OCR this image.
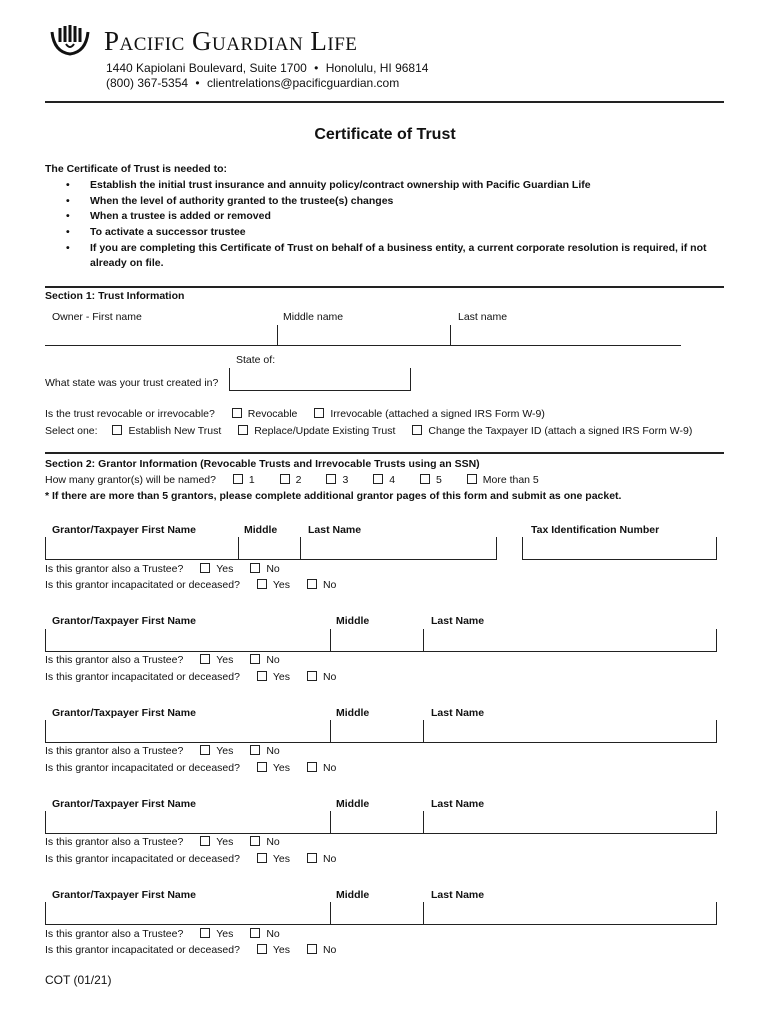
Pacific Guardian Life
1440 Kapiolani Boulevard, Suite 1700 • Honolulu, HI 96814
(800) 367-5354 • clientrelations@pacificguardian.com
Certificate of Trust
The Certificate of Trust is needed to:
• Establish the initial trust insurance and annuity policy/contract ownership with Pacific Guardian Life
• When the level of authority granted to the trustee(s) changes
• When a trustee is added or removed
• To activate a successor trustee
• If you are completing this Certificate of Trust on behalf of a business entity, a current corporate resolution is required, if not
already on file.
Section 1: Trust Information
Owner - First name	Middle name	Last name
State of:
What state was your trust created in?
Is the trust revocable or irrevocable?	Revocable	Irrevocable (attached a signed IRS Form W-9)
Select one:	Establish New Trust	Replace/Update Existing Trust	Change the Taxpayer ID (attach a signed IRS Form W-9)
Section 2: Grantor Information (Revocable Trusts and Irrevocable Trusts using an SSN)
How many grantor(s) will be named?	1	2	3	4	5	More than 5
* If there are more than 5 grantors, please complete additional grantor pages of this form and submit as one packet.
Grantor/Taxpayer First Name	Middle	Last Name	Tax Identification Number
Is this grantor also a Trustee?	Yes	No
Is this grantor incapacitated or deceased?	Yes	No
Grantor/Taxpayer First Name	Middle	Last Name
Is this grantor also a Trustee?	Yes	No
Is this grantor incapacitated or deceased?	Yes	No
Grantor/Taxpayer First Name	Middle	Last Name
Is this grantor also a Trustee?	Yes	No
Is this grantor incapacitated or deceased?	Yes	No
Grantor/Taxpayer First Name	Middle	Last Name
Is this grantor also a Trustee?	Yes	No
Is this grantor incapacitated or deceased?	Yes	No
Grantor/Taxpayer First Name	Middle	Last Name
Is this grantor also a Trustee?	Yes	No
Is this grantor incapacitated or deceased?	Yes	No
COT (01/21)
